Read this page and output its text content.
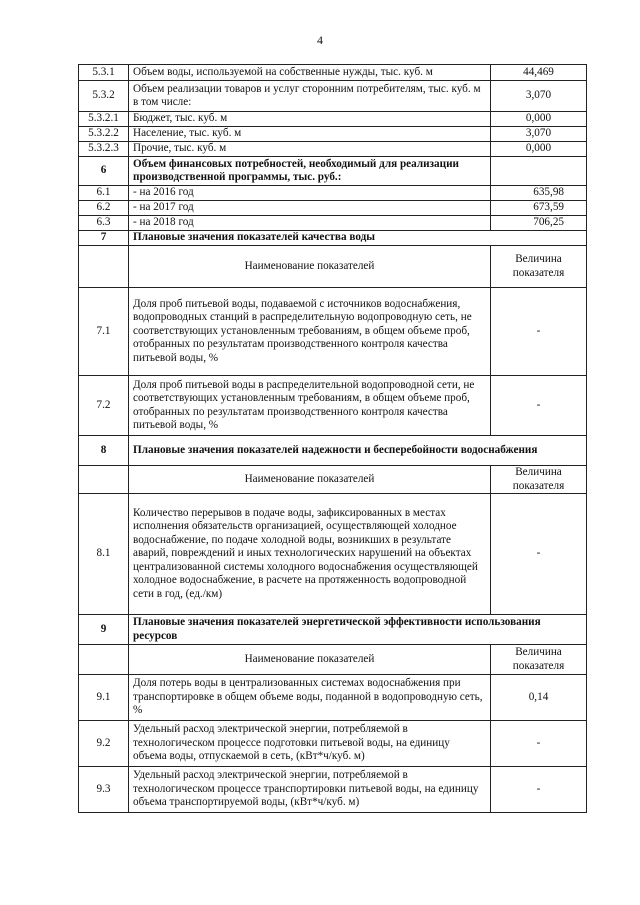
4
5.3.1	Объем воды, используемой на собственные нужды, тыс. куб. м	44,469
5.3.2	Объем реализации товаров и услуг сторонним потребителям, тыс. куб. м в том числе:	3,070
5.3.2.1	Бюджет, тыс. куб. м	0,000
5.3.2.2	Население, тыс. куб. м	3,070
5.3.2.3	Прочие, тыс. куб. м	0,000
6	Объем финансовых потребностей, необходимый для реализации производственной программы, тыс. руб.:	
6.1	- на 2016 год	635,98
6.2	- на 2017 год	673,59
6.3	- на 2018 год	706,25
7	Плановые значения показателей качества воды	
	Наименование показателей	Величина показателя
7.1	Доля проб питьевой воды, подаваемой с источников водоснабжения, водопроводных станций в распределительную водопроводную сеть, не соответствующих установленным требованиям, в общем объеме проб, отобранных по результатам производственного контроля качества питьевой воды, %	-
7.2	Доля проб питьевой воды в распределительной водопроводной сети, не соответствующих установленным требованиям, в общем объеме проб, отобранных по результатам производственного контроля качества питьевой воды, %	-
8	Плановые значения показателей надежности и бесперебойности водоснабжения	
	Наименование показателей	Величина показателя
8.1	Количество перерывов в подаче воды, зафиксированных в местах исполнения обязательств организацией, осуществляющей холодное водоснабжение, по подаче холодной воды, возникших в результате аварий, повреждений и иных технологических нарушений на объектах централизованной системы холодного водоснабжения осуществляющей холодное водоснабжение, в расчете на протяженность водопроводной сети в год, (ед./км)	-
9	Плановые значения показателей энергетической эффективности использования ресурсов	
	Наименование показателей	Величина показателя
9.1	Доля потерь воды в централизованных системах водоснабжения при транспортировке в общем объеме воды, поданной в водопроводную сеть, %	0,14
9.2	Удельный расход электрической энергии, потребляемой в технологическом процессе подготовки питьевой воды, на единицу объема воды, отпускаемой в сеть, (кВт*ч/куб. м)	-
9.3	Удельный расход электрической энергии, потребляемой в технологическом процессе транспортировки питьевой воды, на единицу объема транспортируемой воды, (кВт*ч/куб. м)	-
